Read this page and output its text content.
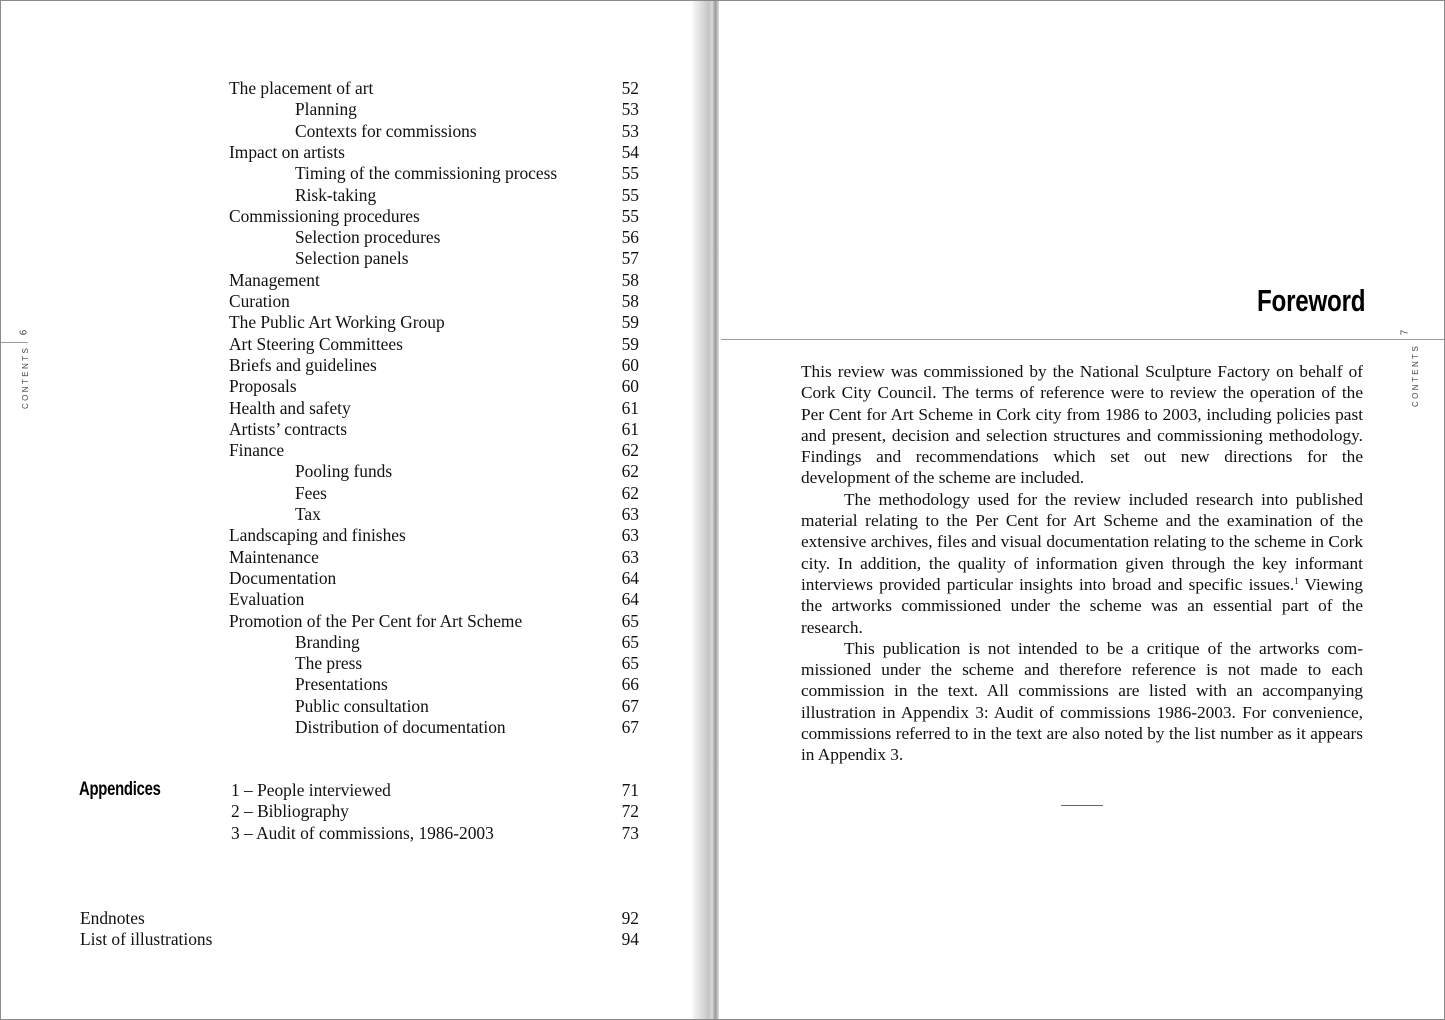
6
CONTENTS
The placement of art	52
Planning	53
Contexts for commissions	53
Impact on artists	54
Timing of the commissioning process	55
Risk-taking	55
Commissioning procedures	55
Selection procedures	56
Selection panels	57
Management	58
Curation	58
The Public Art Working Group	59
Art Steering Committees	59
Briefs and guidelines	60
Proposals	60
Health and safety	61
Artists’ contracts	61
Finance	62
Pooling funds	62
Fees	62
Tax	63
Landscaping and finishes	63
Maintenance	63
Documentation	64
Evaluation	64
Promotion of the Per Cent for Art Scheme	65
Branding	65
The press	65
Presentations	66
Public consultation	67
Distribution of documentation	67
Appendices	1 – People interviewed	71
2 – Bibliography	72
3 – Audit of commissions, 1986-2003	73
Endnotes	92
List of illustrations	94
Foreword
7
CONTENTS

This review was commissioned by the National Sculpture Factory on behalf of Cork City Council. The terms of reference were to review the operation of the Per Cent for Art Scheme in Cork city from 1986 to 2003, including policies past and present, decision and selection structures and commissioning methodology. Findings and recommendations which set out new directions for the development of the scheme are included.

The methodology used for the review included research into published material relating to the Per Cent for Art Scheme and the examination of the extensive archives, files and visual documentation relating to the scheme in Cork city. In addition, the quality of information given through the key informant interviews provided particular insights into broad and specific issues.$^1$ Viewing the artworks commissioned under the scheme was an essential part of the research.

This publication is not intended to be a critique of the artworks commissioned under the scheme and therefore reference is not made to each commission in the text. All commissions are listed with an accompanying illustration in Appendix 3: Audit of commissions 1986-2003. For convenience, commissions referred to in the text are also noted by the list number as it appears in Appendix 3.
